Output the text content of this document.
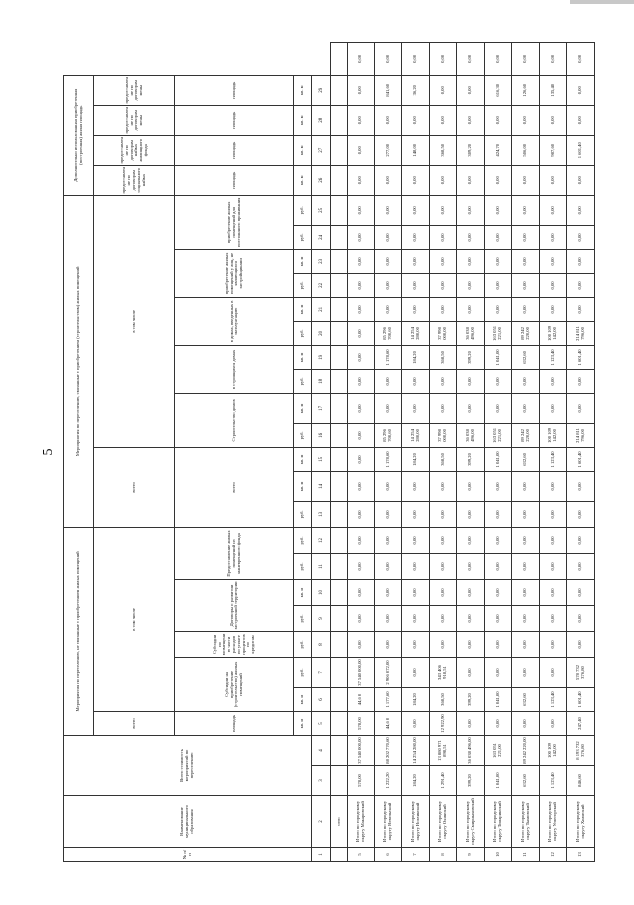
5
№ п/п	Наименование муниципального образования	Всего стоимость мероприятий по переселению		Мероприятия по переселению, не связанные с приобретением жилых помещений								Мероприятия по переселению, связанные с приобретением (строительством) жилых помещений													Дополнительно использованная приобретенная (построенная) жилая площадь				
				всего	в том числе							всего			в том числе										предоставление по договорам социального найма	предоставление по договорам найма жилищного фонда	предоставление по договорам мены	предоставление по договорам мены	
				площадь	Субсидии на приобретение (строительство) жилых помещений		Субсидии по возмещению части расходов по уплате процентов по кредитам	Договоры о развитии застроенной территории		Предоставление жилых помещений из маневренного фонда		всего			Строительство домов		в строящихся домах		в домах, введенных в эксплуатацию		приобретение жилых помещений у лиц, не являющихся застройщиками		приобретение жилых помещений для постоянного проживания		площадь	площадь	площадь	площадь	
				кв. м	кв. м	руб.	руб.	руб.	кв. м	руб.	руб.	руб.	кв. м	кв. м	руб.	кв. м	руб.	кв. м	руб.	кв. м	руб.	кв. м	руб.	руб.	кв. м	кв. м	кв. м	кв. м	
1	2	3	4	5	6	7	8	9	10	11	12	13	14	15	16	17	18	19	20	21	22	23	24	25	26	27	28	29	
	сего																												
5	Итого по городскому округу Макаровский	578,00	37 540 000,00	578,00	44,6 0	37 540 000,00	0,00	0,00	0,00	0,00	0,00	0,00	0,00	0,00	0,00	0,00	0,00	0,00	0,00	0,00	0,00	0,00	0,00	0,00	0,00	0,00	0,00	0,00	0,00
6	Итого по городскому округу Невельский	1 222,20	88 202 770,60	44,6 0	1 177,60	2 906 072,00	0,00	0,00	0,00	0,00	0,00	0,00	0,00	1 178,60	85 296 700,60	0,00	0,00	1 178,60	85 296 700,60	0,00	0,00	0,00	0,00	0,00	0,00	277,00	0,00	841,60	0,00
7	Итого по городскому округу Ногликский	184,20	14 254 280,00	0,00	184,20	0,00	0,00	0,00	0,00	0,00	0,00	0,00	0,00	184,20	14 254 280,00	0,00	0,00	184,20	14 254 280,00	0,00	0,00	0,00	0,00	0,00	0,00	148,00	0,00	36,20	0,00
8	Итого по городскому округу Охинский	1 291,40	13 880 971 898,51	12 922,90	368,50	343 406 918,51	0,00	0,00	0,00	0,00	0,00	0,00	0,00	368,50	37 998 000,00	0,00	0,00	368,50	37 998 000,00	0,00	0,00	0,00	0,00	0,00	0,00	368,50	0,00	0,00	0,00
9	Итого по городскому округу Смирныховский	399,20	36 038 496,00	0,00	399,20	0,00	0,00	0,00	0,00	0,00	0,00	0,00	0,00	399,20	36 038 496,00	0,00	0,00	399,20	36 038 496,00	0,00	0,00	0,00	0,00	0,00	0,00	309,20	0,00	0,00	0,00
10	Итого по городскому округу Томаринский	1 041,00	163 051 221,00	0,00	1 041,00	0,00	0,00	0,00	0,00	0,00	0,00	0,00	0,00	1 041,00	163 051 221,00	0,00	0,00	1 041,00	163 051 221,00	0,00	0,00	0,00	0,00	0,00	0,00	424,70	0,00	616,30	0,00
11	Итого по городскому округу Тымовский	632,60	89 242 220,00	0,00	632,60	0,00	0,00	0,00	0,00	0,00	0,00	0,00	0,00	632,60	89 242 220,00	0,00	0,00	632,60	89 242 220,00	0,00	0,00	0,00	0,00	0,00	0,00	506,00	0,00	126,60	0,00
12	Итого по городскому округу Углегорский	1 123,40	100 109 142,00	0,00	1 123,40	0,00	0,00	0,00	0,00	0,00	0,00	0,00	0,00	1 123,40	100 109 142,00	0,00	0,00	1 123,40	100 109 142,00	0,00	0,00	0,00	0,00	0,00	0,00	987,60	0,00	135,40	0,00
13	Итого по городскому округу Холмский	846,60	8 193 732 376,80	247,40	1 601,40	578 732 376,80	0,00	0,00	0,00	0,00	0,00	0,00	0,00	1 601,40	214 811 796,00	0,00	0,00	1 601,40	214 811 796,00	0,00	0,00	0,00	0,00	0,00	0,00	1 601,40	0,00	0,00	0,00
